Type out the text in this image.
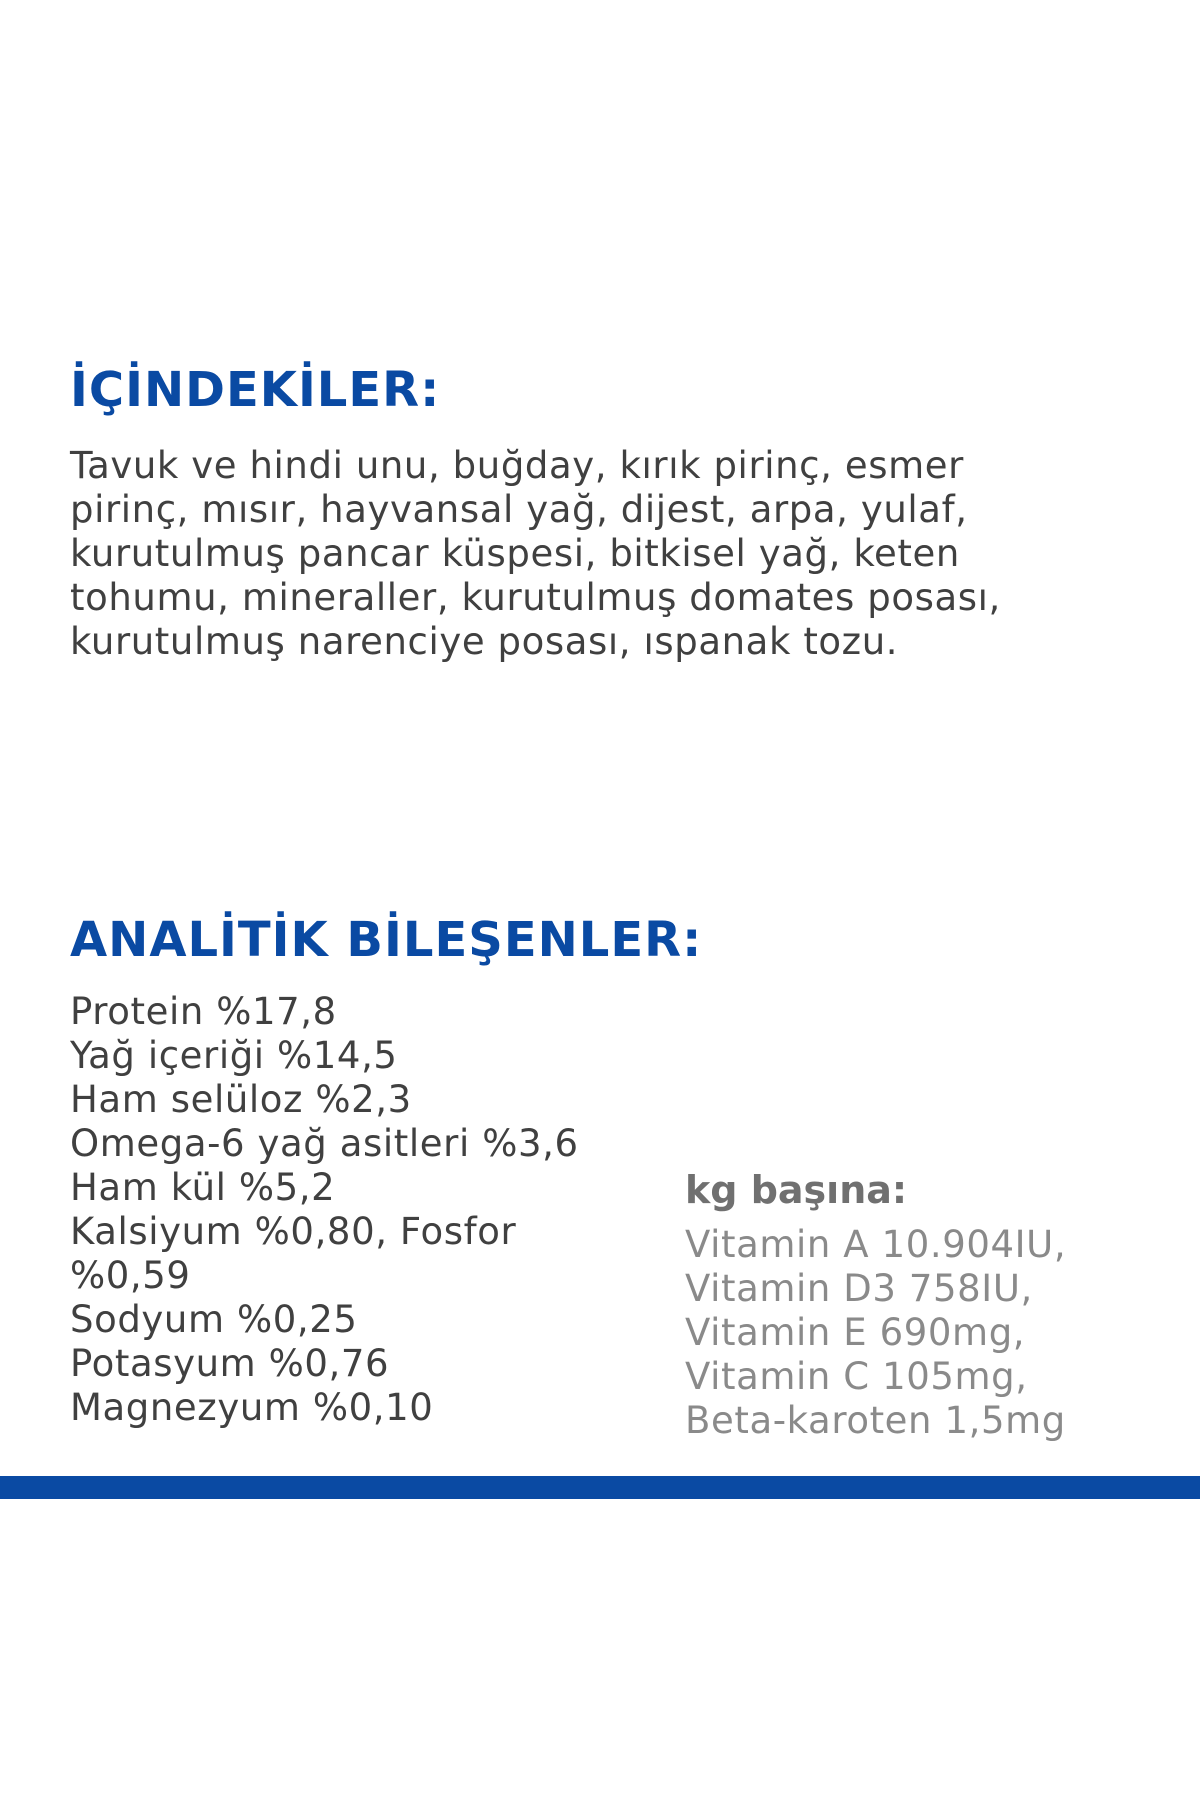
İÇİNDEKİLER:

Tavuk ve hindi unu, buğday, kırık pirinç, esmer
pirinç, mısır, hayvansal yağ, dijest, arpa, yulaf,
kurutulmuş pancar küspesi, bitkisel yağ, keten
tohumu, mineraller, kurutulmuş domates posası,
kurutulmuş narenciye posası, ıspanak tozu.

ANALİTİK BİLEŞENLER:
Protein %17,8
Yağ içeriği %14,5
Ham selüloz %2,3
Omega-6 yağ asitleri %3,6
Ham kül %5,2
Kalsiyum %0,80, Fosfor
%0,59
Sodyum %0,25
Potasyum %0,76
Magnezyum %0,10

kg başına:

Vitamin A 10.904IU,
Vitamin D3 758IU,
Vitamin E 690mg,
Vitamin C 105mg,
Beta-karoten 1,5mg
